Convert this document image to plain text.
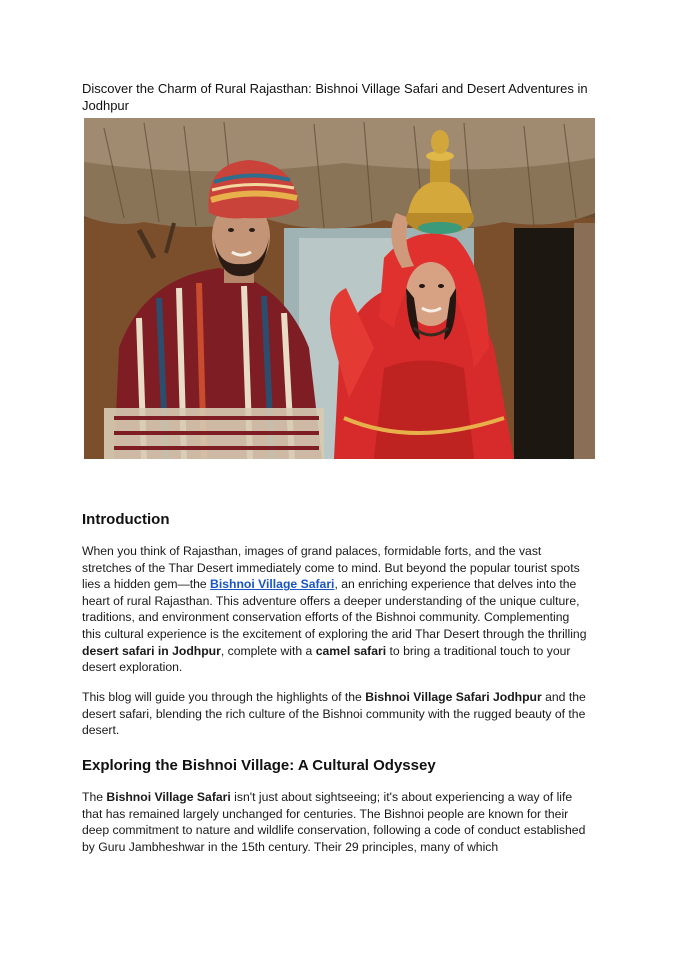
Discover the Charm of Rural Rajasthan: Bishnoi Village Safari and Desert Adventures in Jodhpur
Introduction

When you think of Rajasthan, images of grand palaces, formidable forts, and the vast stretches of the Thar Desert immediately come to mind. But beyond the popular tourist spots lies a hidden gem—the Bishnoi Village Safari, an enriching experience that delves into the heart of rural Rajasthan. This adventure offers a deeper understanding of the unique culture, traditions, and environment conservation efforts of the Bishnoi community. Complementing this cultural experience is the excitement of exploring the arid Thar Desert through the thrilling desert safari in Jodhpur, complete with a camel safari to bring a traditional touch to your desert exploration.

This blog will guide you through the highlights of the Bishnoi Village Safari Jodhpur and the desert safari, blending the rich culture of the Bishnoi community with the rugged beauty of the desert.

Exploring the Bishnoi Village: A Cultural Odyssey

The Bishnoi Village Safari isn't just about sightseeing; it's about experiencing a way of life that has remained largely unchanged for centuries. The Bishnoi people are known for their deep commitment to nature and wildlife conservation, following a code of conduct established by Guru Jambheshwar in the 15th century. Their 29 principles, many of which
